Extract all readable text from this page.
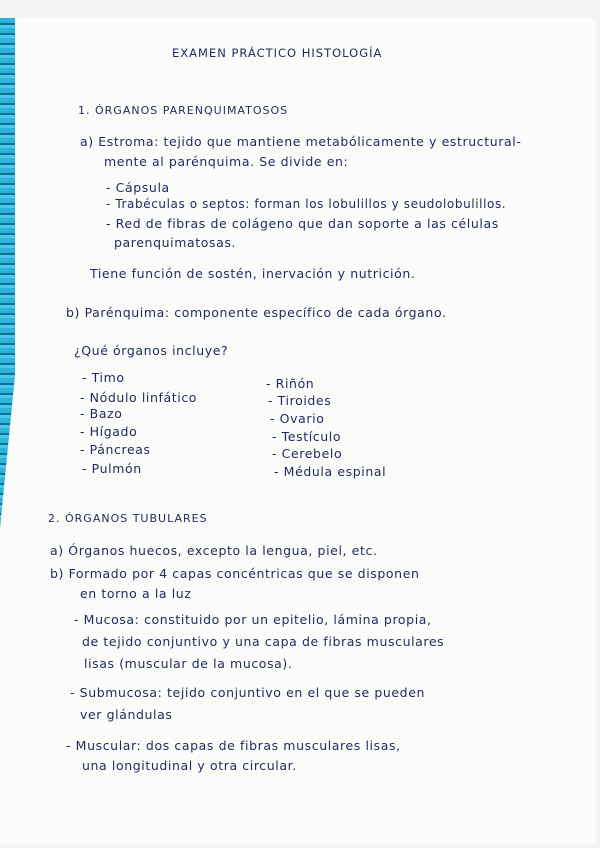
EXAMEN PRÁCTICO HISTOLOGÍA
1. ÓRGANOS PARENQUIMATOSOS
a) Estroma: tejido que mantiene metabólicamente y estructural-
mente al parénquima. Se divide en:
- Cápsula
- Trabéculas o septos: forman los lobulillos y seudolobulillos.
- Red de fibras de colágeno que dan soporte a las células
parenquimatosas.
Tiene función de sostén, inervación y nutrición.
b) Parénquima: componente específico de cada órgano.
¿Qué órganos incluye?
- Timo
- Nódulo linfático
- Bazo
- Hígado
- Páncreas
- Pulmón
- Riñón
- Tiroides
- Ovario
- Testículo
- Cerebelo
- Médula espinal
2. ÓRGANOS TUBULARES
a) Órganos huecos, excepto la lengua, piel, etc.
b) Formado por 4 capas concéntricas que se disponen
en torno a la luz
- Mucosa: constituido por un epitelio, lámina propia,
de tejido conjuntivo y una capa de fibras musculares
lisas (muscular de la mucosa).
- Submucosa: tejido conjuntivo en el que se pueden
ver glándulas
- Muscular: dos capas de fibras musculares lisas,
una longitudinal y otra circular.
